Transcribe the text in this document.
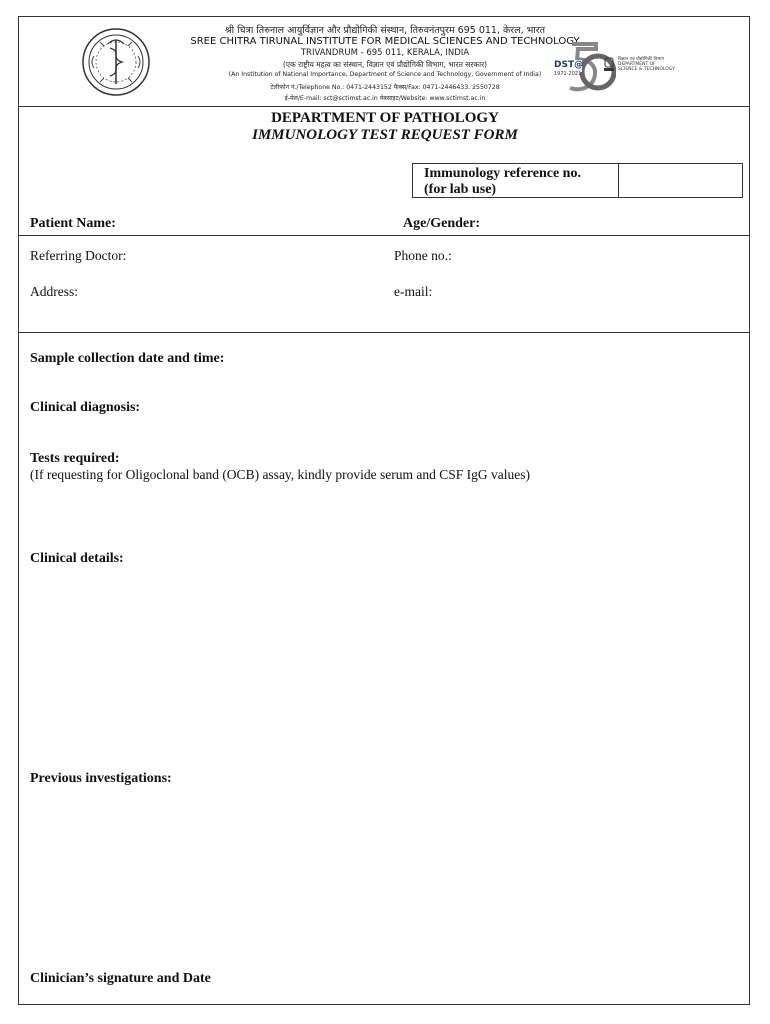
श्री चित्रा तिरुनाल आयुर्विज्ञान और प्रौद्योगिकी संस्थान, तिरुवनंतपुरम 695 011, केरल, भारत
SREE CHITRA TIRUNAL INSTITUTE FOR MEDICAL SCIENCES AND TECHNOLOGY
TRIVANDRUM - 695 011, KERALA, INDIA
(एक राष्ट्रीय महत्व का संस्थान, विज्ञान एवं प्रौद्योगिकी विभाग, भारत सरकार)
(An Institution of National Importance, Department of Science and Technology, Government of India)
टेलीफोन नं./Telephone No.: 0471-2443152 फैक्स/Fax: 0471-2446433, 2550728
ई-मेल/E-mail: sct@sctimst.ac.in वेबसाइट/Website: www.sctimst.ac.in
DST@
1971-2021
विज्ञान एवं प्रौद्योगिकी विभाग
DEPARTMENT OF
SCIENCE & TECHNOLOGY
DEPARTMENT OF PATHOLOGY
IMMUNOLOGY TEST REQUEST FORM
Immunology reference no.
(for lab use)
Patient Name:	Age/Gender:
Referring Doctor:	Phone no.:
Address:	e-mail:
Sample collection date and time:
Clinical diagnosis:
Tests required:
(If requesting for Oligoclonal band (OCB) assay, kindly provide serum and CSF IgG values)
Clinical details:
Previous investigations:
Clinician’s signature and Date
